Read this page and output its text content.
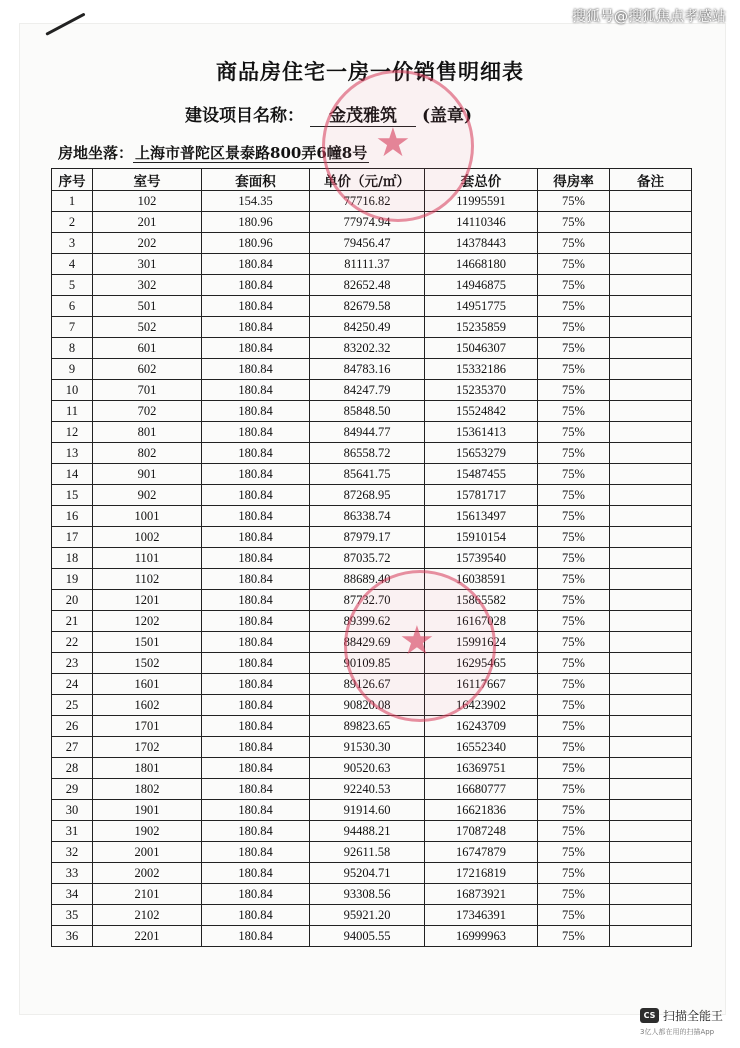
搜狐号@搜狐焦点孝感站
商品房住宅一房一价销售明细表
建设项目名称： 金茂雅筑 (盖章)
房地坐落： 上海市普陀区景泰路800弄6幢8号
序号	室号	套面积	单价（元/㎡）	套总价	得房率	备注
1	102	154.35	77716.82	11995591	75%	
2	201	180.96	77974.94	14110346	75%	
3	202	180.96	79456.47	14378443	75%	
4	301	180.84	81111.37	14668180	75%	
5	302	180.84	82652.48	14946875	75%	
6	501	180.84	82679.58	14951775	75%	
7	502	180.84	84250.49	15235859	75%	
8	601	180.84	83202.32	15046307	75%	
9	602	180.84	84783.16	15332186	75%	
10	701	180.84	84247.79	15235370	75%	
11	702	180.84	85848.50	15524842	75%	
12	801	180.84	84944.77	15361413	75%	
13	802	180.84	86558.72	15653279	75%	
14	901	180.84	85641.75	15487455	75%	
15	902	180.84	87268.95	15781717	75%	
16	1001	180.84	86338.74	15613497	75%	
17	1002	180.84	87979.17	15910154	75%	
18	1101	180.84	87035.72	15739540	75%	
19	1102	180.84	88689.40	16038591	75%	
20	1201	180.84	87732.70	15865582	75%	
21	1202	180.84	89399.62	16167028	75%	
22	1501	180.84	88429.69	15991624	75%	
23	1502	180.84	90109.85	16295465	75%	
24	1601	180.84	89126.67	16117667	75%	
25	1602	180.84	90820.08	16423902	75%	
26	1701	180.84	89823.65	16243709	75%	
27	1702	180.84	91530.30	16552340	75%	
28	1801	180.84	90520.63	16369751	75%	
29	1802	180.84	92240.53	16680777	75%	
30	1901	180.84	91914.60	16621836	75%	
31	1902	180.84	94488.21	17087248	75%	
32	2001	180.84	92611.58	16747879	75%	
33	2002	180.84	95204.71	17216819	75%	
34	2101	180.84	93308.56	16873921	75%	
35	2102	180.84	95921.20	17346391	75%	
36	2201	180.84	94005.55	16999963	75%	
★
★
CS 扫描全能王
3亿人都在用的扫描App
